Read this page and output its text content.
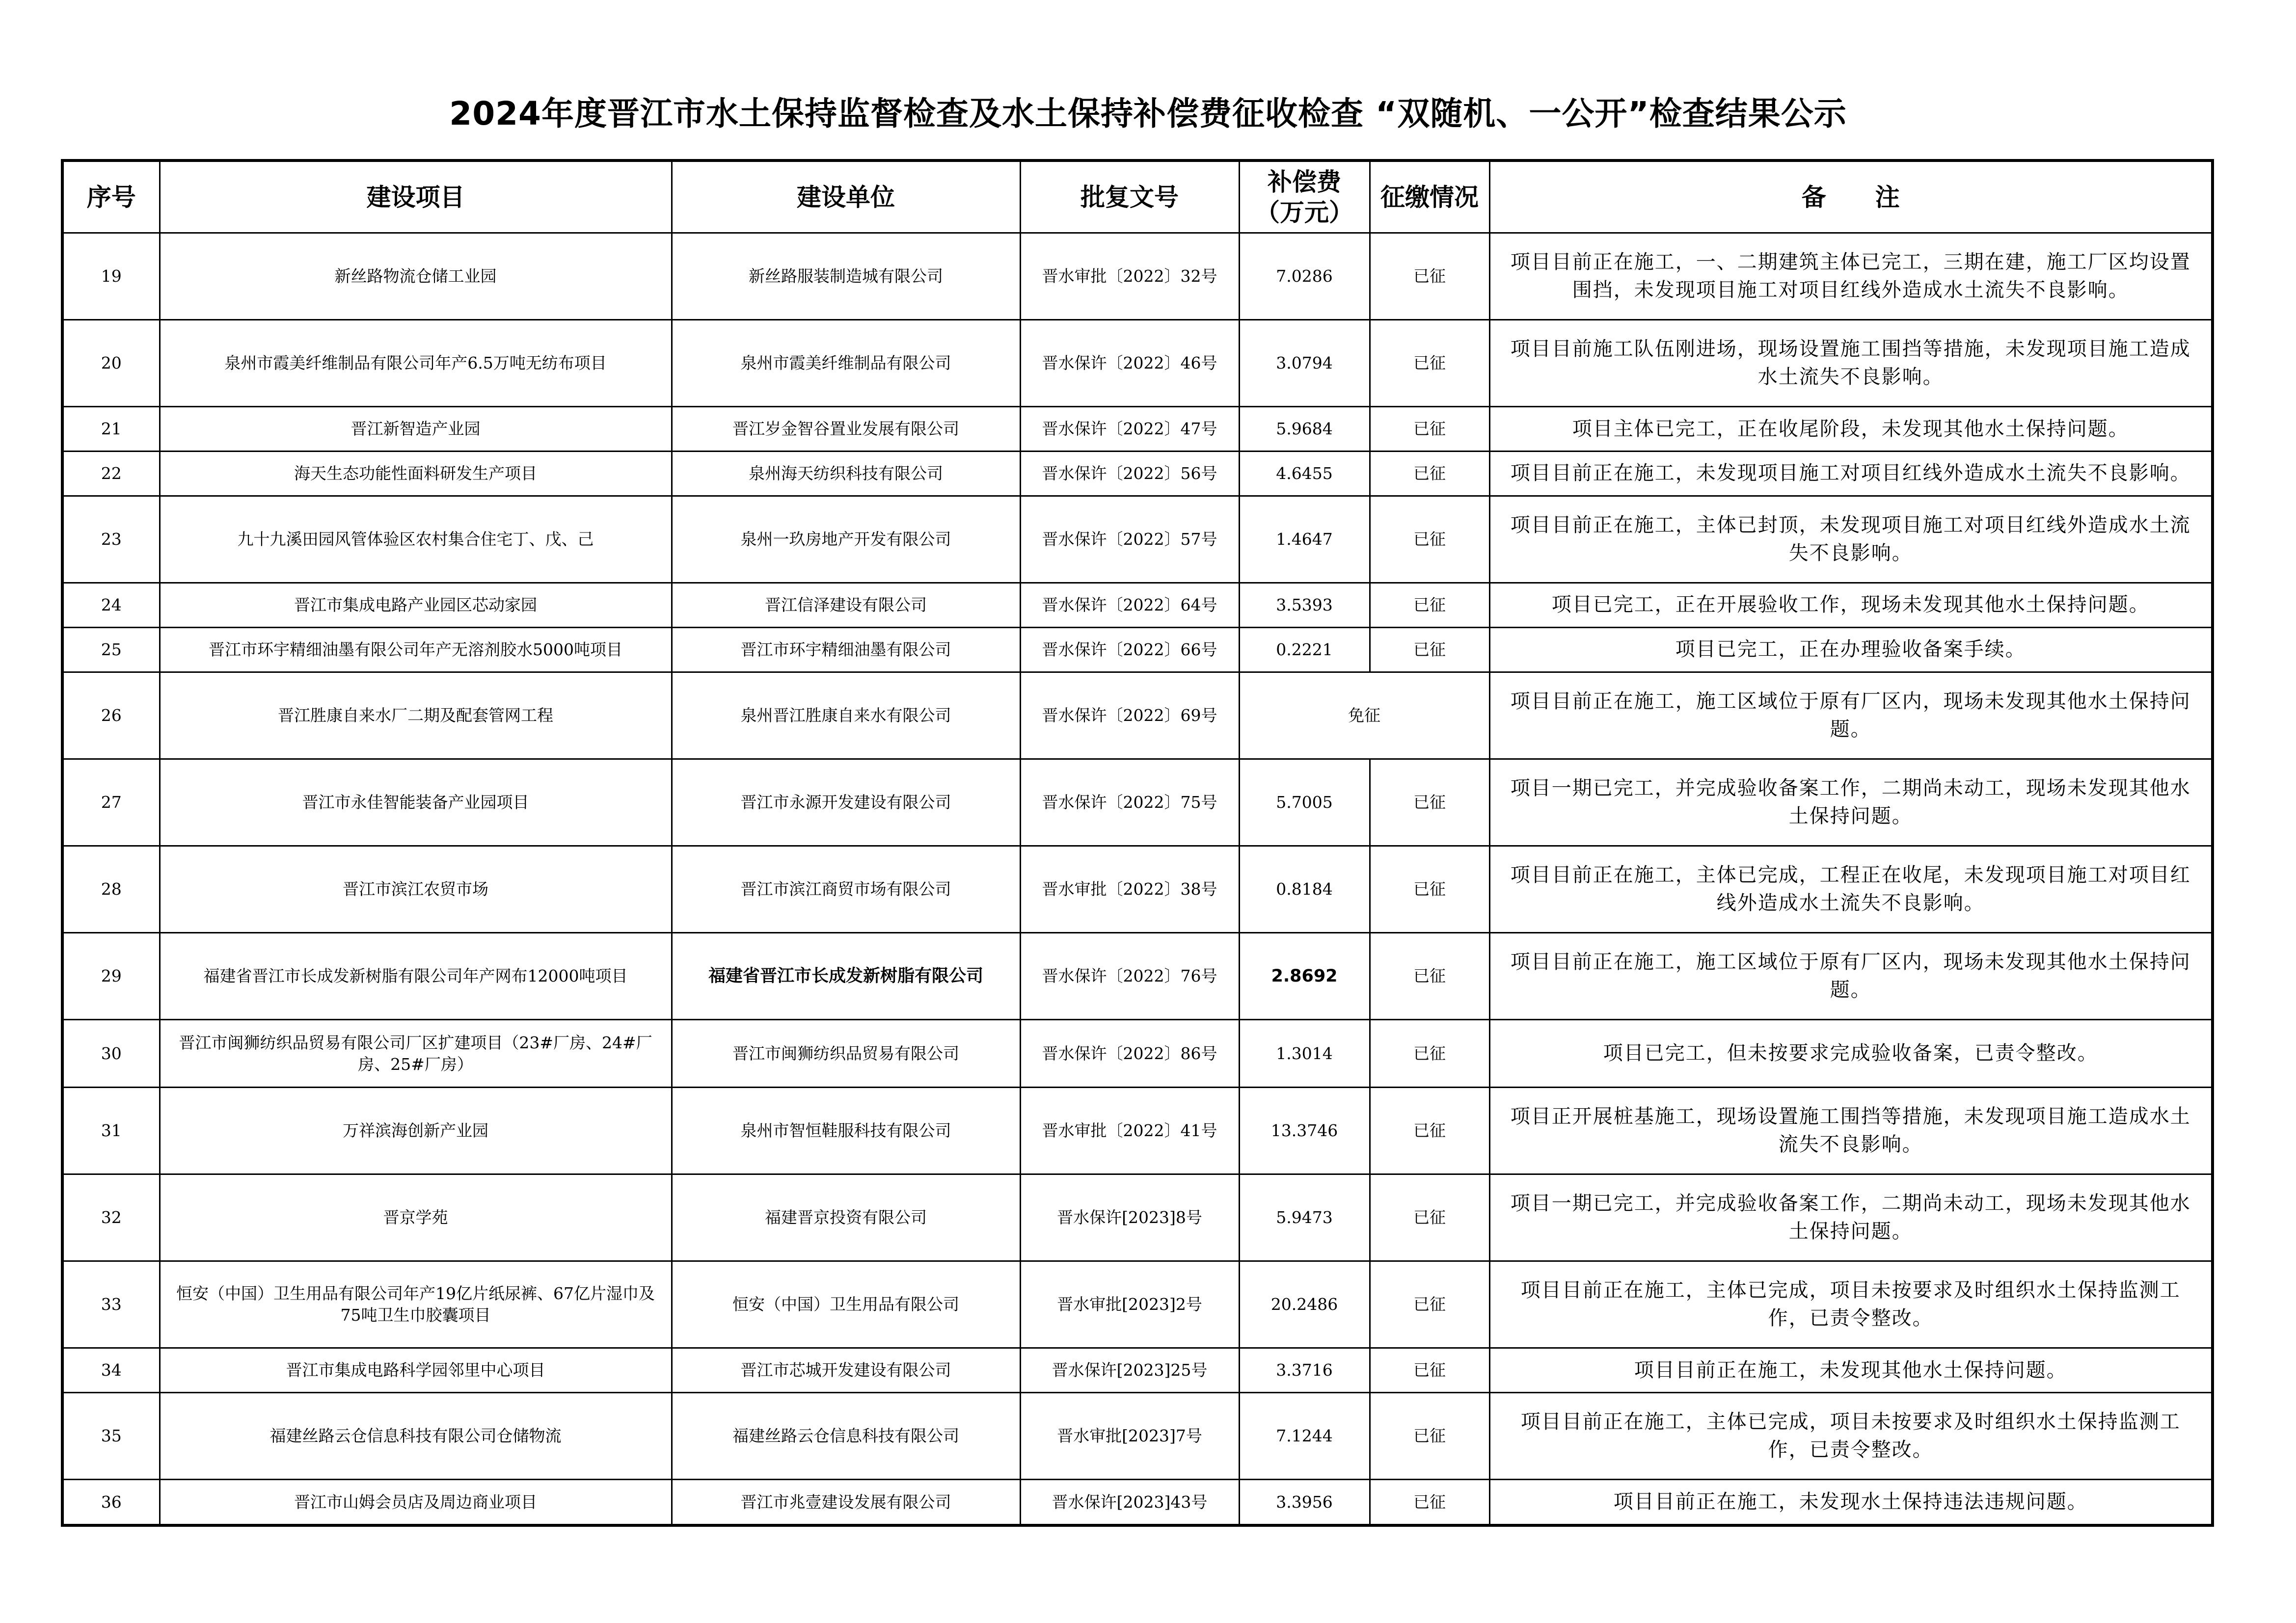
2024年度晋江市水土保持监督检查及水土保持补偿费征收检查 “双随机、一公开”检查结果公示
序号	建设项目	建设单位	批复文号	补偿费（万元）	征缴情况	备　　注
19	新丝路物流仓储工业园	新丝路服装制造城有限公司	晋水审批〔2022〕32号	7.0286	已征	项目目前正在施工，一、二期建筑主体已完工，三期在建，施工厂区均设置围挡，未发现项目施工对项目红线外造成水土流失不良影响。
20	泉州市霞美纤维制品有限公司年产6.5万吨无纺布项目	泉州市霞美纤维制品有限公司	晋水保许〔2022〕46号	3.0794	已征	项目目前施工队伍刚进场，现场设置施工围挡等措施，未发现项目施工造成水土流失不良影响。
21	晋江新智造产业园	晋江岁金智谷置业发展有限公司	晋水保许〔2022〕47号	5.9684	已征	项目主体已完工，正在收尾阶段，未发现其他水土保持问题。
22	海天生态功能性面料研发生产项目	泉州海天纺织科技有限公司	晋水保许〔2022〕56号	4.6455	已征	项目目前正在施工，未发现项目施工对项目红线外造成水土流失不良影响。
23	九十九溪田园风管体验区农村集合住宅丁、戊、己	泉州一玖房地产开发有限公司	晋水保许〔2022〕57号	1.4647	已征	项目目前正在施工，主体已封顶，未发现项目施工对项目红线外造成水土流失不良影响。
24	晋江市集成电路产业园区芯动家园	晋江信泽建设有限公司	晋水保许〔2022〕64号	3.5393	已征	项目已完工，正在开展验收工作，现场未发现其他水土保持问题。
25	晋江市环宇精细油墨有限公司年产无溶剂胶水5000吨项目	晋江市环宇精细油墨有限公司	晋水保许〔2022〕66号	0.2221	已征	项目已完工，正在办理验收备案手续。
26	晋江胜康自来水厂二期及配套管网工程	泉州晋江胜康自来水有限公司	晋水保许〔2022〕69号	免征		项目目前正在施工，施工区域位于原有厂区内，现场未发现其他水土保持问题。
27	晋江市永佳智能装备产业园项目	晋江市永源开发建设有限公司	晋水保许〔2022〕75号	5.7005	已征	项目一期已完工，并完成验收备案工作，二期尚未动工，现场未发现其他水土保持问题。
28	晋江市滨江农贸市场	晋江市滨江商贸市场有限公司	晋水审批〔2022〕38号	0.8184	已征	项目目前正在施工，主体已完成，工程正在收尾，未发现项目施工对项目红线外造成水土流失不良影响。
29	福建省晋江市长成发新树脂有限公司年产网布12000吨项目	福建省晋江市长成发新树脂有限公司	晋水保许〔2022〕76号	2.8692	已征	项目目前正在施工，施工区域位于原有厂区内，现场未发现其他水土保持问题。
30	晋江市闽狮纺织品贸易有限公司厂区扩建项目（23#厂房、24#厂房、25#厂房）	晋江市闽狮纺织品贸易有限公司	晋水保许〔2022〕86号	1.3014	已征	项目已完工，但未按要求完成验收备案，已责令整改。
31	万祥滨海创新产业园	泉州市智恒鞋服科技有限公司	晋水审批〔2022〕41号	13.3746	已征	项目正开展桩基施工，现场设置施工围挡等措施，未发现项目施工造成水土流失不良影响。
32	晋京学苑	福建晋京投资有限公司	晋水保许[2023]8号	5.9473	已征	项目一期已完工，并完成验收备案工作，二期尚未动工，现场未发现其他水土保持问题。
33	恒安（中国）卫生用品有限公司年产19亿片纸尿裤、67亿片湿巾及75吨卫生巾胶囊项目	恒安（中国）卫生用品有限公司	晋水审批[2023]2号	20.2486	已征	项目目前正在施工，主体已完成，项目未按要求及时组织水土保持监测工作，已责令整改。
34	晋江市集成电路科学园邻里中心项目	晋江市芯城开发建设有限公司	晋水保许[2023]25号	3.3716	已征	项目目前正在施工，未发现其他水土保持问题。
35	福建丝路云仓信息科技有限公司仓储物流	福建丝路云仓信息科技有限公司	晋水审批[2023]7号	7.1244	已征	项目目前正在施工，主体已完成，项目未按要求及时组织水土保持监测工作，已责令整改。
36	晋江市山姆会员店及周边商业项目	晋江市兆壹建设发展有限公司	晋水保许[2023]43号	3.3956	已征	项目目前正在施工，未发现水土保持违法违规问题。
